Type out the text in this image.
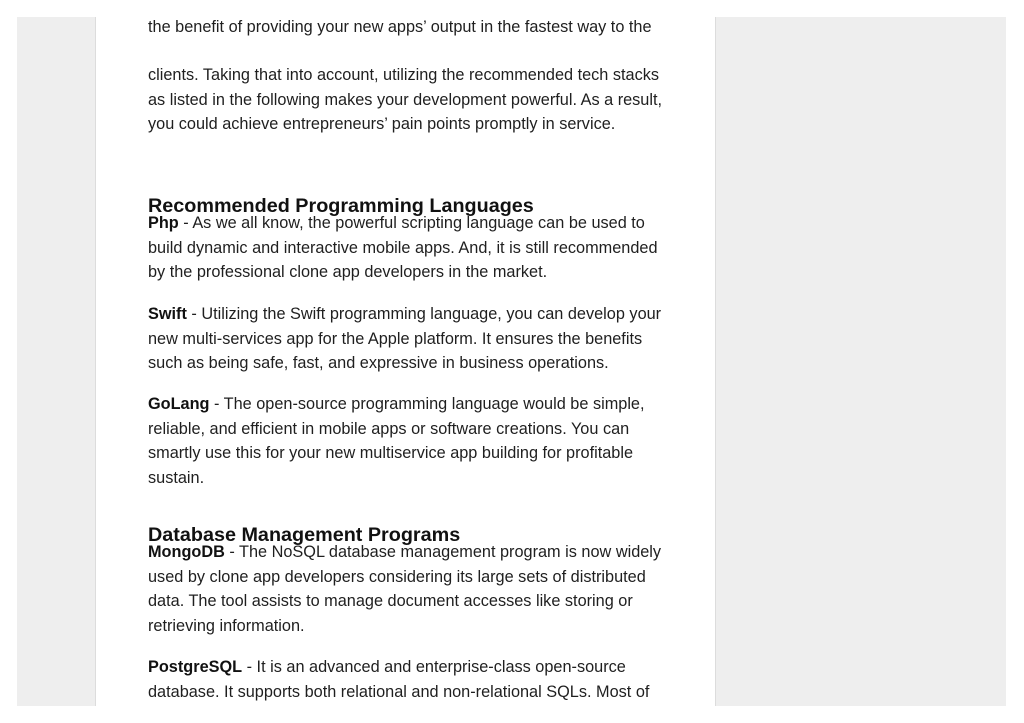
the benefit of providing your new apps’ output in the fastest way to the

clients. Taking that into account, utilizing the recommended tech stacks as listed in the following makes your development powerful. As a result, you could achieve entrepreneurs’ pain points promptly in service.

Recommended Programming Languages

Php - As we all know, the powerful scripting language can be used to build dynamic and interactive mobile apps. And, it is still recommended by the professional clone app developers in the market.

Swift - Utilizing the Swift programming language, you can develop your new multi-services app for the Apple platform. It ensures the benefits such as being safe, fast, and expressive in business operations.

GoLang - The open-source programming language would be simple, reliable, and efficient in mobile apps or software creations. You can smartly use this for your new multiservice app building for profitable sustain.

Database Management Programs

MongoDB - The NoSQL database management program is now widely used by clone app developers considering its large sets of distributed data. The tool assists to manage document accesses like storing or retrieving information.

PostgreSQL - It is an advanced and enterprise-class open-source database. It supports both relational and non-relational SQLs. Most of
